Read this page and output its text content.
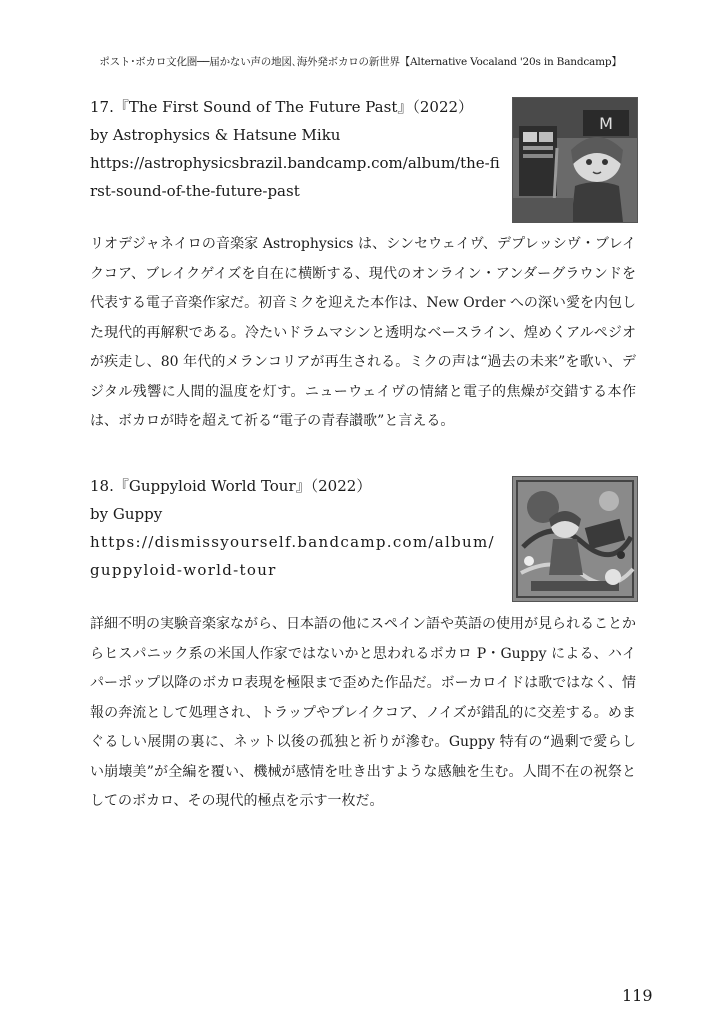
ポスト･ボカロ文化圏──届かない声の地図､海外発ボカロの新世界【Alternative Vocaland '20s in Bandcamp】
17.『The First Sound of The Future Past』（2022）
by Astrophysics & Hatsune Miku
https://astrophysicsbrazil.bandcamp.com/album/the-first-sound-of-the-future-past
M

リオデジャネイロの音楽家 Astrophysics は、シンセウェイヴ、デプレッシヴ・ブレイクコア、ブレイクゲイズを自在に横断する、現代のオンライン・アンダーグラウンドを代表する電子音楽作家だ。初音ミクを迎えた本作は、New Order への深い愛を内包した現代的再解釈である。冷たいドラムマシンと透明なベースライン、煌めくアルペジオが疾走し、80 年代的メランコリアが再生される。ミクの声は“過去の未来”を歌い、デジタル残響に人間的温度を灯す。ニューウェイヴの情緒と電子的焦燥が交錯する本作は、ボカロが時を超えて祈る“電子の青春讃歌”と言える。

18.『Guppyloid World Tour』（2022）
by Guppy
https://dismissyourself.bandcamp.com/album/guppyloid-world-tour

詳細不明の実験音楽家ながら、日本語の他にスペイン語や英語の使用が見られることからヒスパニック系の米国人作家ではないかと思われるボカロ P・Guppy による、ハイパーポップ以降のボカロ表現を極限まで歪めた作品だ。ボーカロイドは歌ではなく、情報の奔流として処理され、トラップやブレイクコア、ノイズが錯乱的に交差する。めまぐるしい展開の裏に、ネット以後の孤独と祈りが滲む。Guppy 特有の“過剰で愛らしい崩壊美”が全編を覆い、機械が感情を吐き出すような感触を生む。人間不在の祝祭としてのボカロ、その現代的極点を示す一枚だ。

119
